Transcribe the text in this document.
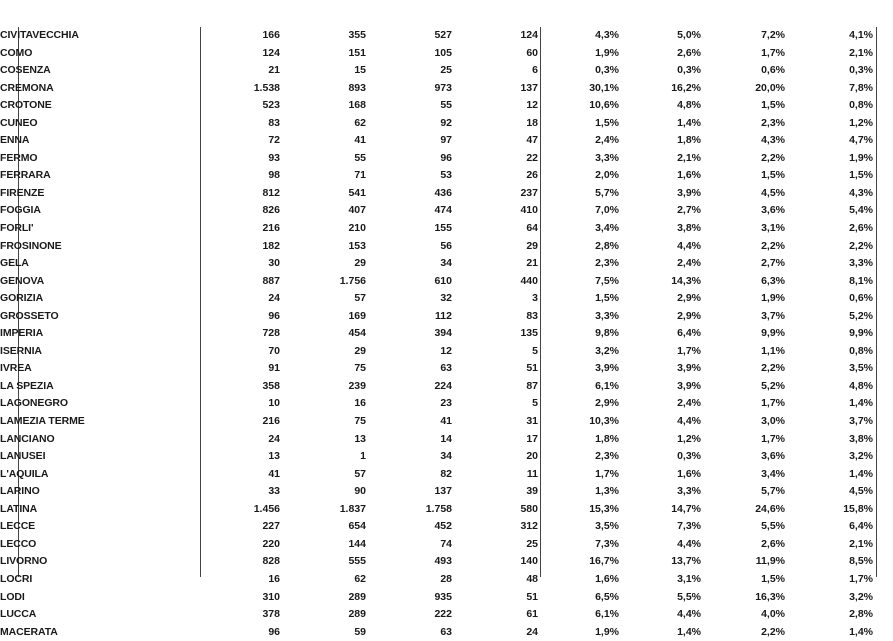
CIVITAVECCHIA	166	355	527	124	4,3%	5,0%	7,2%	4,1%
COMO	124	151	105	60	1,9%	2,6%	1,7%	2,1%
COSENZA	21	15	25	6	0,3%	0,3%	0,6%	0,3%
CREMONA	1.538	893	973	137	30,1%	16,2%	20,0%	7,8%
CROTONE	523	168	55	12	10,6%	4,8%	1,5%	0,8%
CUNEO	83	62	92	18	1,5%	1,4%	2,3%	1,2%
ENNA	72	41	97	47	2,4%	1,8%	4,3%	4,7%
FERMO	93	55	96	22	3,3%	2,1%	2,2%	1,9%
FERRARA	98	71	53	26	2,0%	1,6%	1,5%	1,5%
FIRENZE	812	541	436	237	5,7%	3,9%	4,5%	4,3%
FOGGIA	826	407	474	410	7,0%	2,7%	3,6%	5,4%
FORLI'	216	210	155	64	3,4%	3,8%	3,1%	2,6%
FROSINONE	182	153	56	29	2,8%	4,4%	2,2%	2,2%
GELA	30	29	34	21	2,3%	2,4%	2,7%	3,3%
GENOVA	887	1.756	610	440	7,5%	14,3%	6,3%	8,1%
GORIZIA	24	57	32	3	1,5%	2,9%	1,9%	0,6%
GROSSETO	96	169	112	83	3,3%	2,9%	3,7%	5,2%
IMPERIA	728	454	394	135	9,8%	6,4%	9,9%	9,9%
ISERNIA	70	29	12	5	3,2%	1,7%	1,1%	0,8%
IVREA	91	75	63	51	3,9%	3,9%	2,2%	3,5%
LA SPEZIA	358	239	224	87	6,1%	3,9%	5,2%	4,8%
LAGONEGRO	10	16	23	5	2,9%	2,4%	1,7%	1,4%
LAMEZIA TERME	216	75	41	31	10,3%	4,4%	3,0%	3,7%
LANCIANO	24	13	14	17	1,8%	1,2%	1,7%	3,8%
LANUSEI	13	1	34	20	2,3%	0,3%	3,6%	3,2%
L'AQUILA	41	57	82	11	1,7%	1,6%	3,4%	1,4%
LARINO	33	90	137	39	1,3%	3,3%	5,7%	4,5%
LATINA	1.456	1.837	1.758	580	15,3%	14,7%	24,6%	15,8%
LECCE	227	654	452	312	3,5%	7,3%	5,5%	6,4%
LECCO	220	144	74	25	7,3%	4,4%	2,6%	2,1%
LIVORNO	828	555	493	140	16,7%	13,7%	11,9%	8,5%
LOCRI	16	62	28	48	1,6%	3,1%	1,5%	1,7%
LODI	310	289	935	51	6,5%	5,5%	16,3%	3,2%
LUCCA	378	289	222	61	6,1%	4,4%	4,0%	2,8%
MACERATA	96	59	63	24	1,9%	1,4%	2,2%	1,4%
